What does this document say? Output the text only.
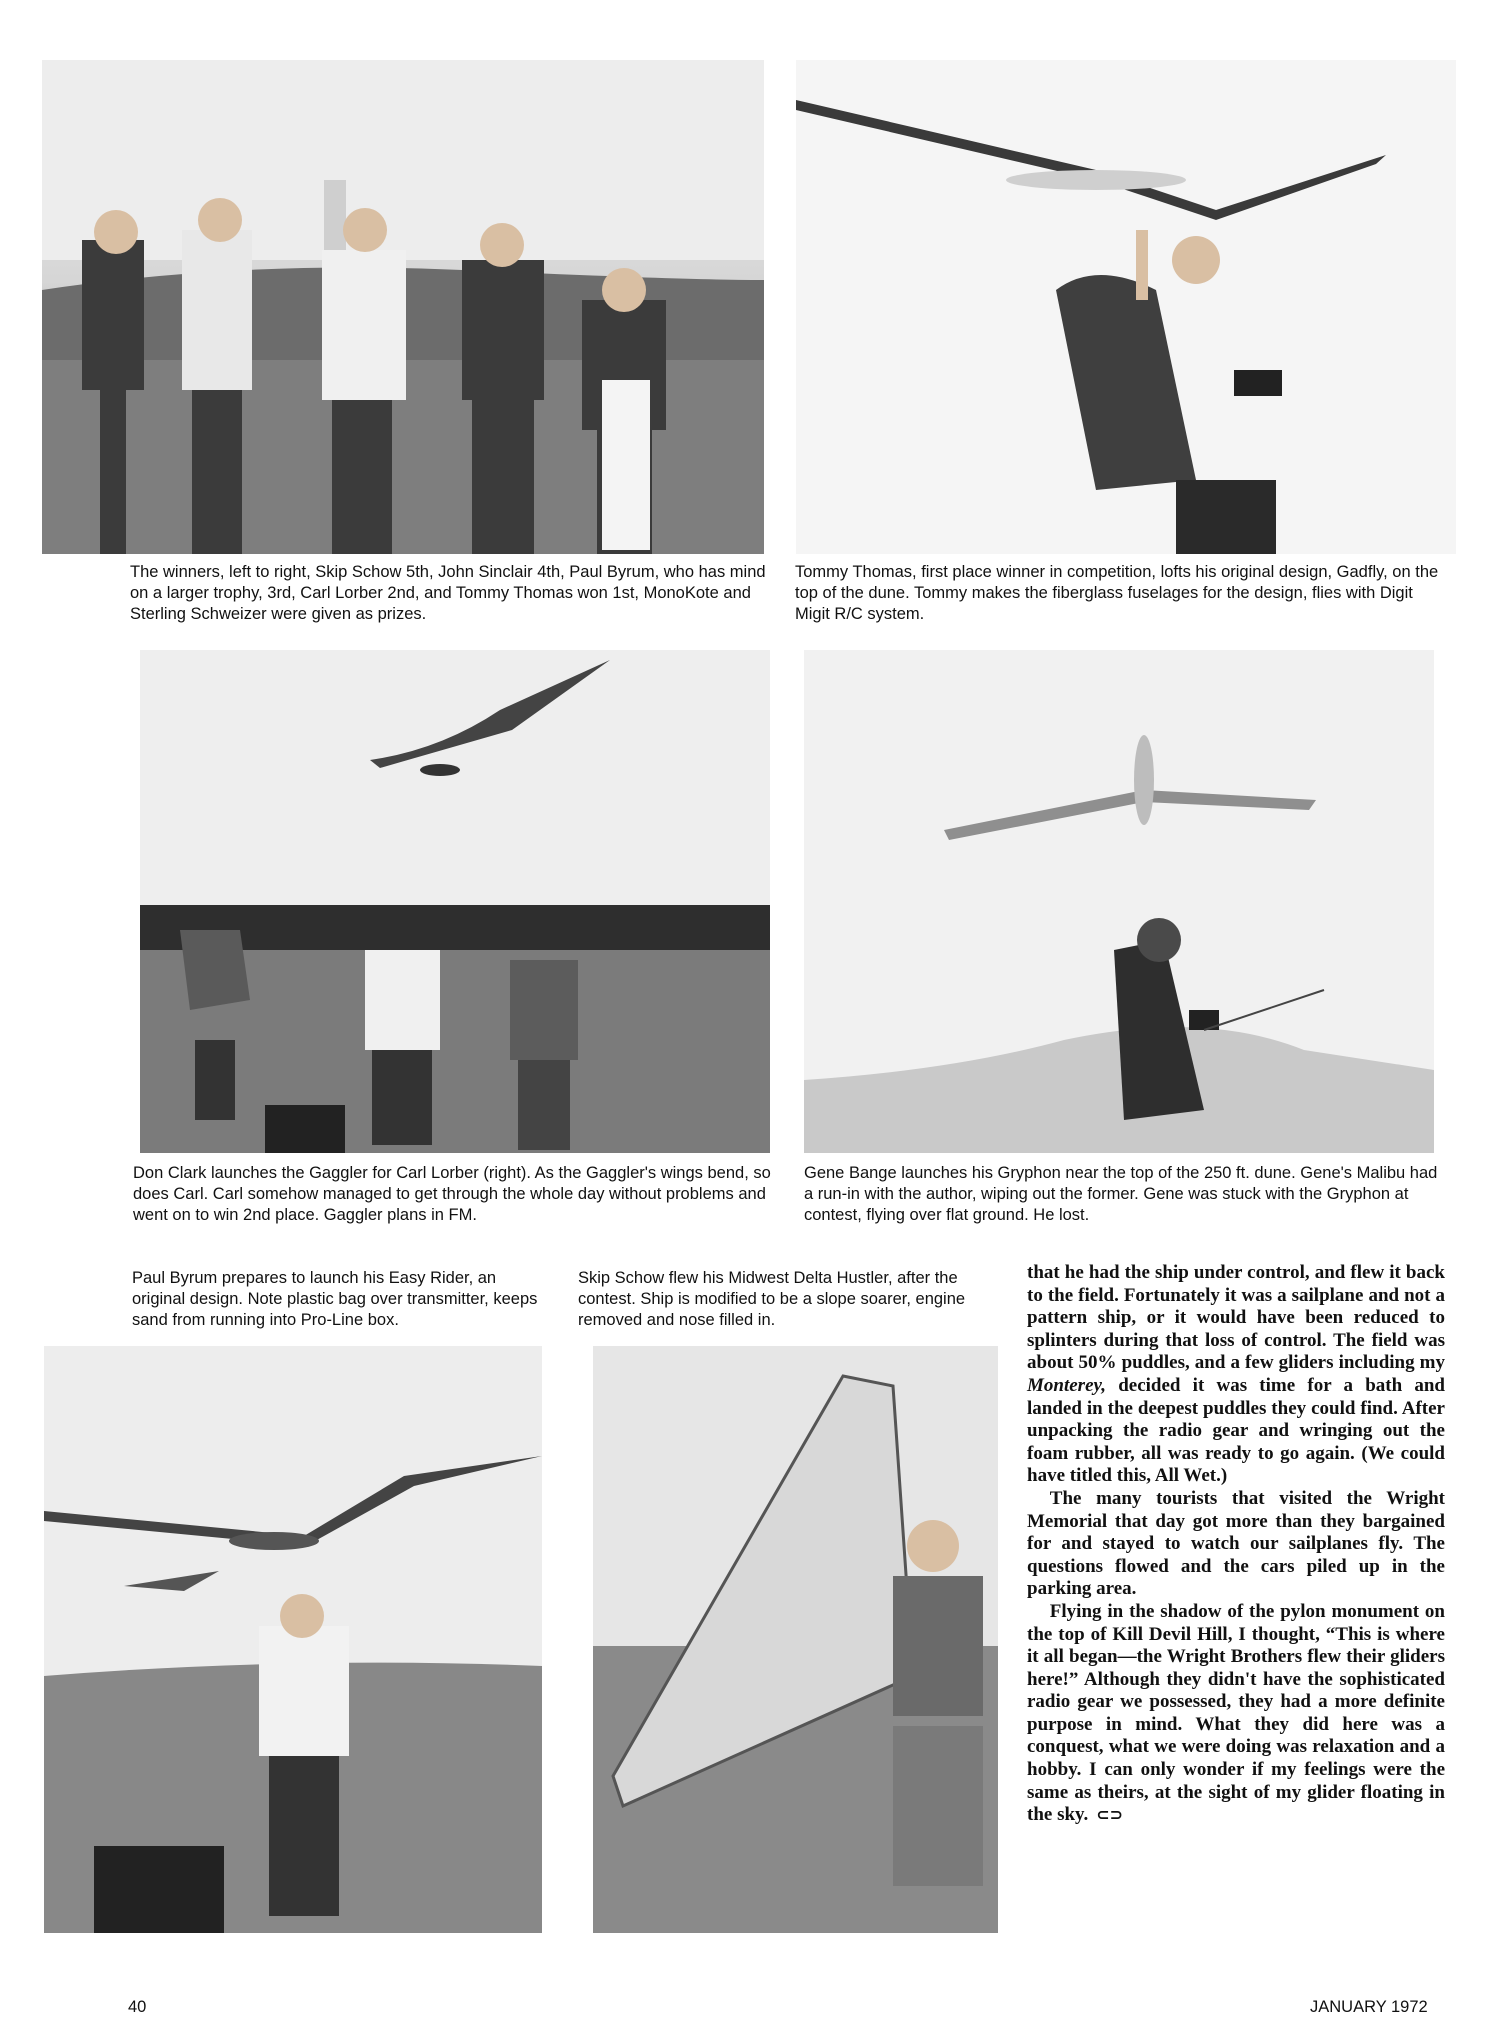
The winners, left to right, Skip Schow 5th, John Sinclair 4th, Paul Byrum, who has mind on a larger trophy, 3rd, Carl Lorber 2nd, and Tommy Thomas won 1st, MonoKote and Sterling Schweizer were given as prizes.

Tommy Thomas, first place winner in competition, lofts his original design, Gadfly, on the top of the dune. Tommy makes the fiberglass fuselages for the design, flies with Digit Migit R/C system.

Don Clark launches the Gaggler for Carl Lorber (right). As the Gaggler's wings bend, so does Carl. Carl somehow managed to get through the whole day without problems and went on to win 2nd place. Gaggler plans in FM.

Gene Bange launches his Gryphon near the top of the 250 ft. dune. Gene's Malibu had a run-in with the author, wiping out the former. Gene was stuck with the Gryphon at contest, flying over flat ground. He lost.

Paul Byrum prepares to launch his Easy Rider, an original design. Note plastic bag over transmitter, keeps sand from running into Pro-Line box.

Skip Schow flew his Midwest Delta Hustler, after the contest. Ship is modified to be a slope soarer, engine removed and nose filled in.

that he had the ship under control, and flew it back to the field. Fortunately it was a sailplane and not a pattern ship, or it would have been reduced to splinters during that loss of control. The field was about 50% puddles, and a few gliders including my Monterey, decided it was time for a bath and landed in the deepest puddles they could find. After unpacking the radio gear and wringing out the foam rubber, all was ready to go again. (We could have titled this, All Wet.)

The many tourists that visited the Wright Memorial that day got more than they bargained for and stayed to watch our sailplanes fly. The questions flowed and the cars piled up in the parking area.

Flying in the shadow of the pylon monument on the top of Kill Devil Hill, I thought, “This is where it all began—the Wright Brothers flew their gliders here!” Although they didn't have the sophisticated radio gear we possessed, they had a more definite purpose in mind. What they did here was a conquest, what we were doing was relaxation and a hobby. I can only wonder if my feelings were the same as theirs, at the sight of my glider floating in the sky. ⊂⊃

40	JANUARY 1972
